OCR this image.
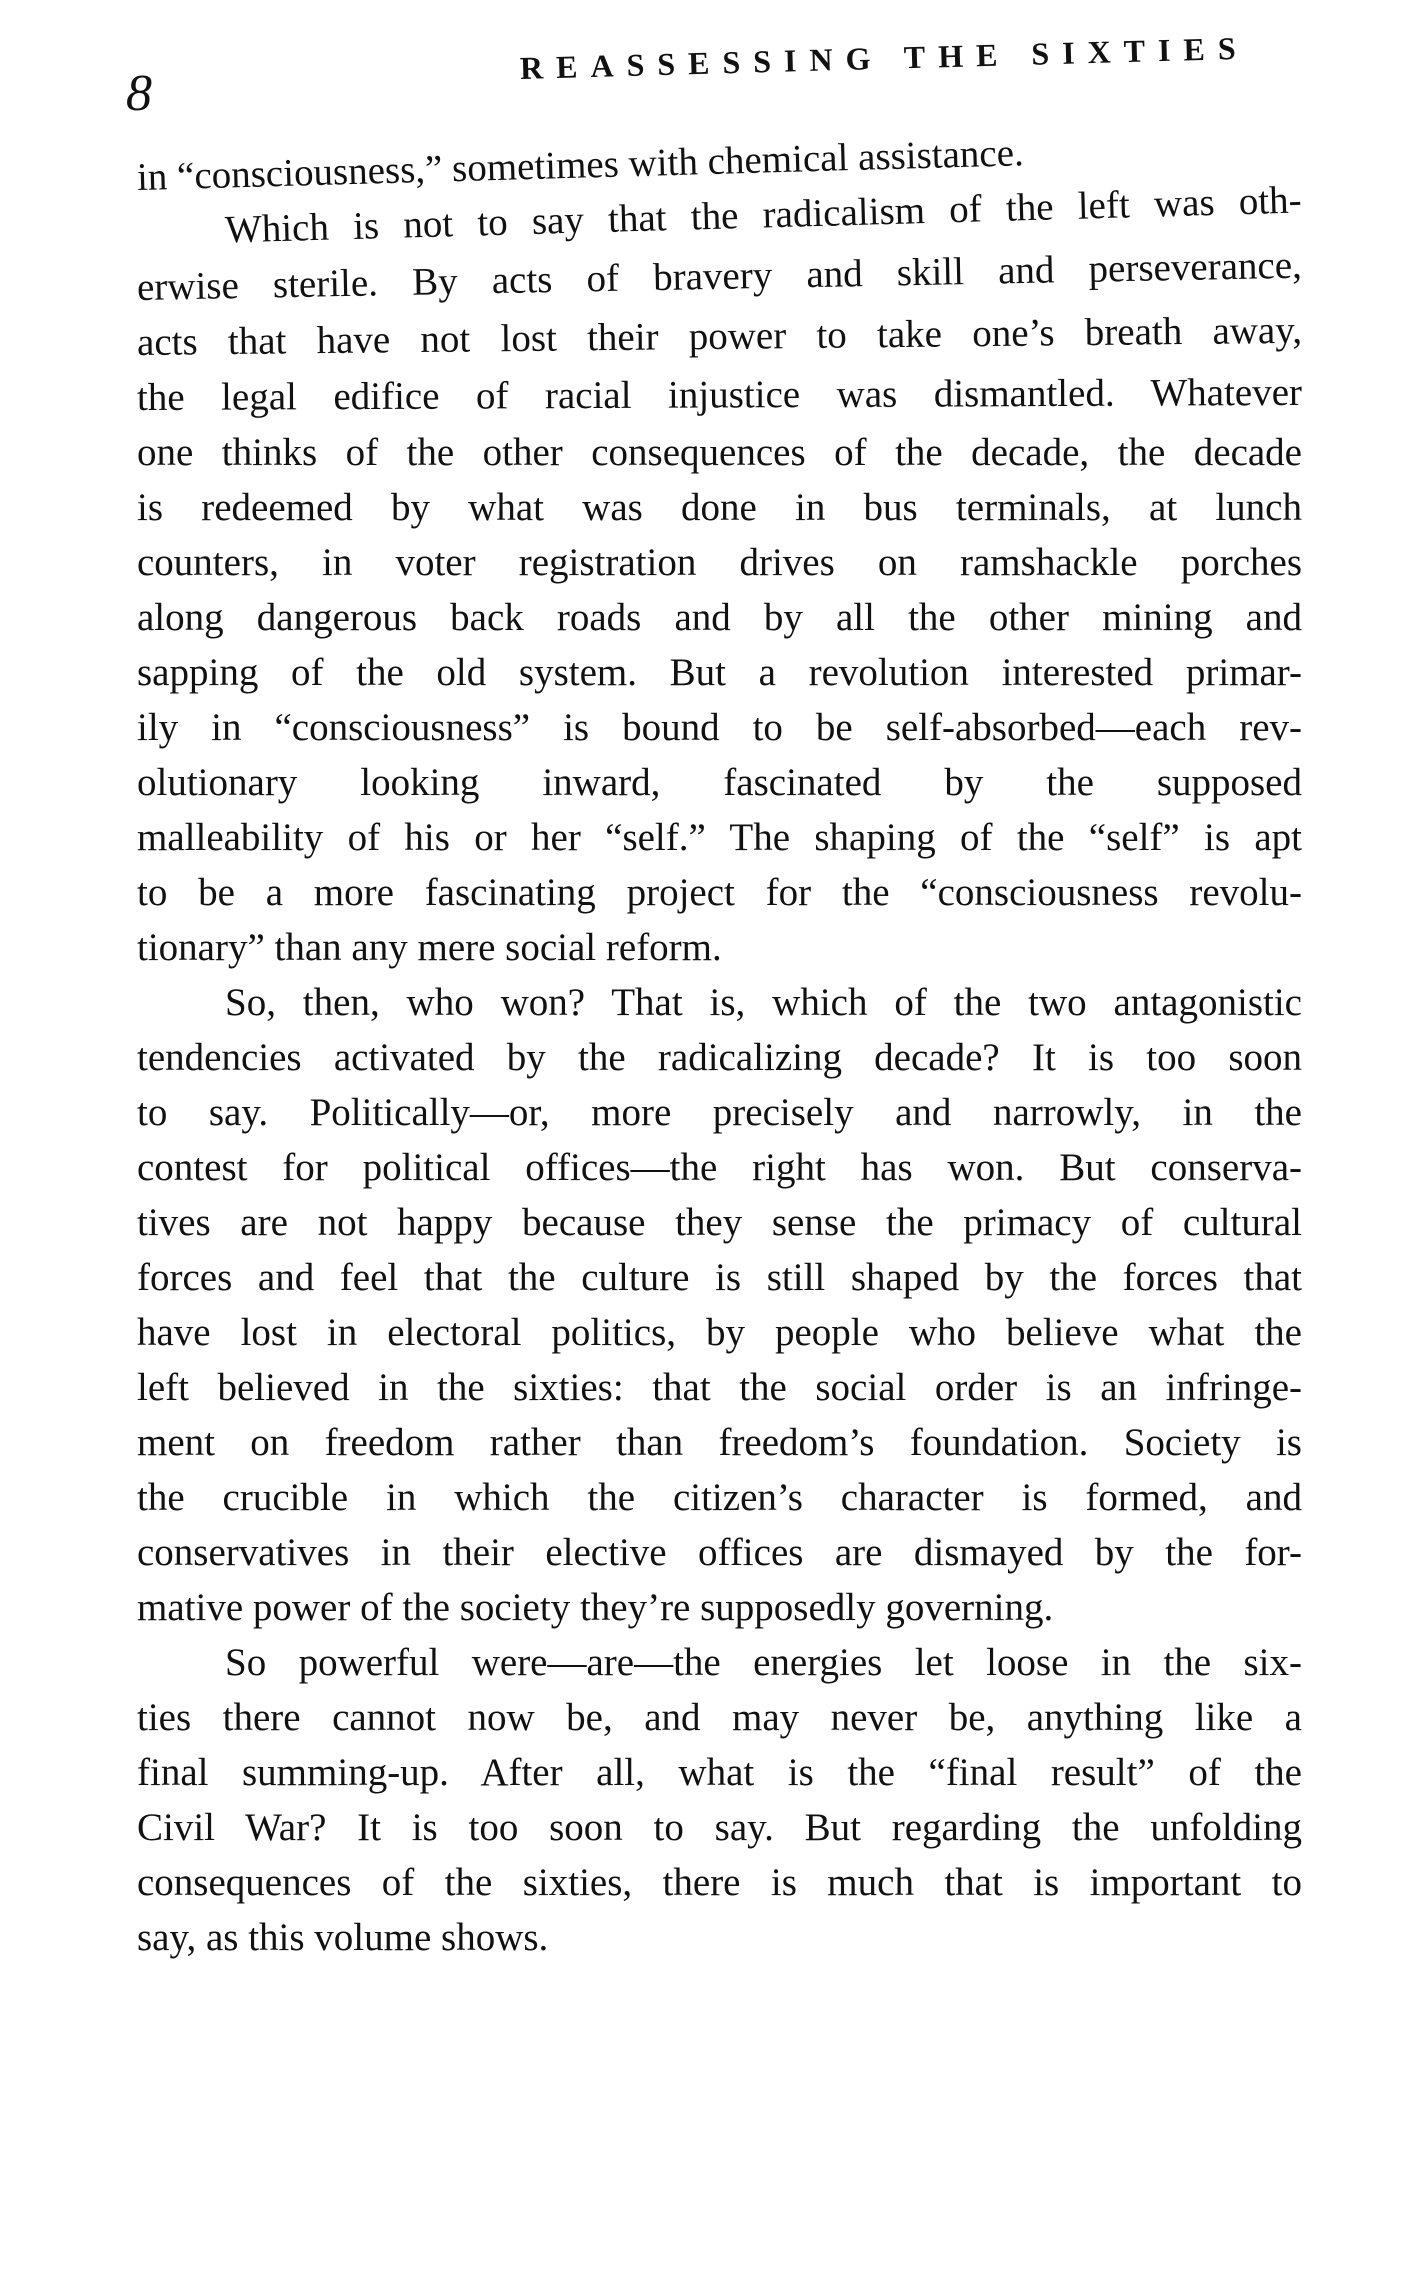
8
REASSESSING THE SIXTIES
in “consciousness,” sometimes with chemical assistance.
Which is not to say that the radicalism of the left was oth-
erwise sterile. By acts of bravery and skill and perseverance,
acts that have not lost their power to take one’s breath away,
the legal edifice of racial injustice was dismantled. Whatever
one thinks of the other consequences of the decade, the decade
is redeemed by what was done in bus terminals, at lunch
counters, in voter registration drives on ramshackle porches
along dangerous back roads and by all the other mining and
sapping of the old system. But a revolution interested primar-
ily in “consciousness” is bound to be self-absorbed—each rev-
olutionary looking inward, fascinated by the supposed
malleability of his or her “self.” The shaping of the “self” is apt
to be a more fascinating project for the “consciousness revolu-
tionary” than any mere social reform.
So, then, who won? That is, which of the two antagonistic
tendencies activated by the radicalizing decade? It is too soon
to say. Politically—or, more precisely and narrowly, in the
contest for political offices—the right has won. But conserva-
tives are not happy because they sense the primacy of cultural
forces and feel that the culture is still shaped by the forces that
have lost in electoral politics, by people who believe what the
left believed in the sixties: that the social order is an infringe-
ment on freedom rather than freedom’s foundation. Society is
the crucible in which the citizen’s character is formed, and
conservatives in their elective offices are dismayed by the for-
mative power of the society they’re supposedly governing.
So powerful were—are—the energies let loose in the six-
ties there cannot now be, and may never be, anything like a
final summing-up. After all, what is the “final result” of the
Civil War? It is too soon to say. But regarding the unfolding
consequences of the sixties, there is much that is important to
say, as this volume shows.
